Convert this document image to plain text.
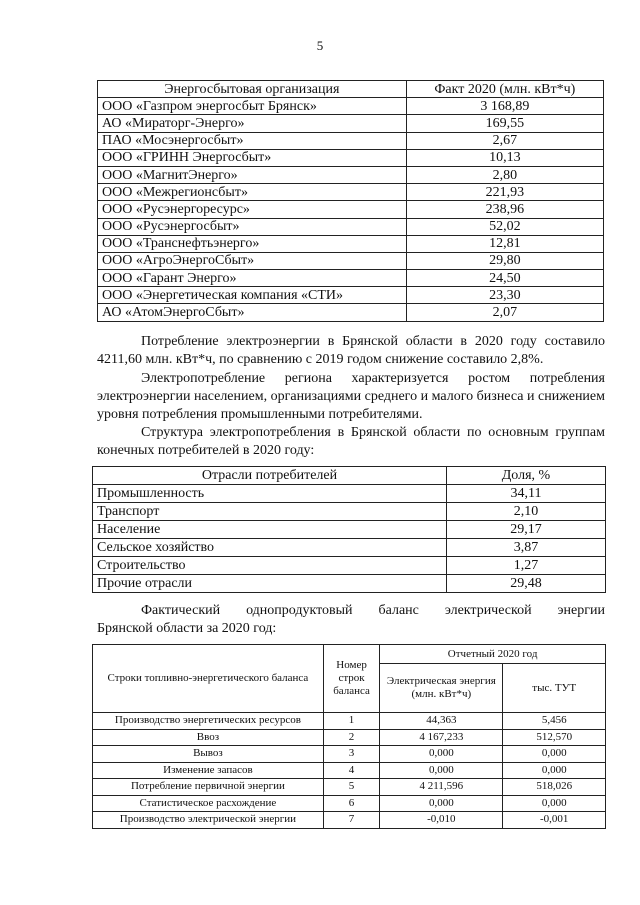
5
Энергосбытовая организация	Факт 2020 (млн. кВт*ч)
ООО «Газпром энергосбыт Брянск»	3 168,89
АО «Мираторг-Энерго»	169,55
ПАО «Мосэнергосбыт»	2,67
ООО «ГРИНН Энергосбыт»	10,13
ООО «МагнитЭнерго»	2,80
ООО «Межрегионсбыт»	221,93
ООО «Русэнергоресурс»	238,96
ООО «Русэнергосбыт»	52,02
ООО «Транснефтьэнерго»	12,81
ООО «АгроЭнергоСбыт»	29,80
ООО «Гарант Энерго»	24,50
ООО «Энергетическая компания «СТИ»	23,30
АО «АтомЭнергоСбыт»	2,07
Потребление электроэнергии в Брянской области в 2020 году составило 4211,60 млн. кВт*ч, по сравнению с 2019 годом снижение составило 2,8%.
Электропотребление региона характеризуется ростом потребления электроэнергии населением, организациями среднего и малого бизнеса и снижением уровня потребления промышленными потребителями.
Структура электропотребления в Брянской области по основным группам конечных потребителей в 2020 году:
Отрасли потребителей	Доля, %
Промышленность	34,11
Транспорт	2,10
Население	29,17
Сельское хозяйство	3,87
Строительство	1,27
Прочие отрасли	29,48
Фактический однопродуктовый баланс электрической энергии
Брянской области за 2020 год:
Строки топливно-энергетического баланса	Номер строк баланса	Отчетный 2020 год	
		Электрическая энергия (млн. кВт*ч)	тыс. ТУТ
Производство энергетических ресурсов	1	44,363	5,456
Ввоз	2	4 167,233	512,570
Вывоз	3	0,000	0,000
Изменение запасов	4	0,000	0,000
Потребление первичной энергии	5	4 211,596	518,026
Статистическое расхождение	6	0,000	0,000
Производство электрической энергии	7	-0,010	-0,001
